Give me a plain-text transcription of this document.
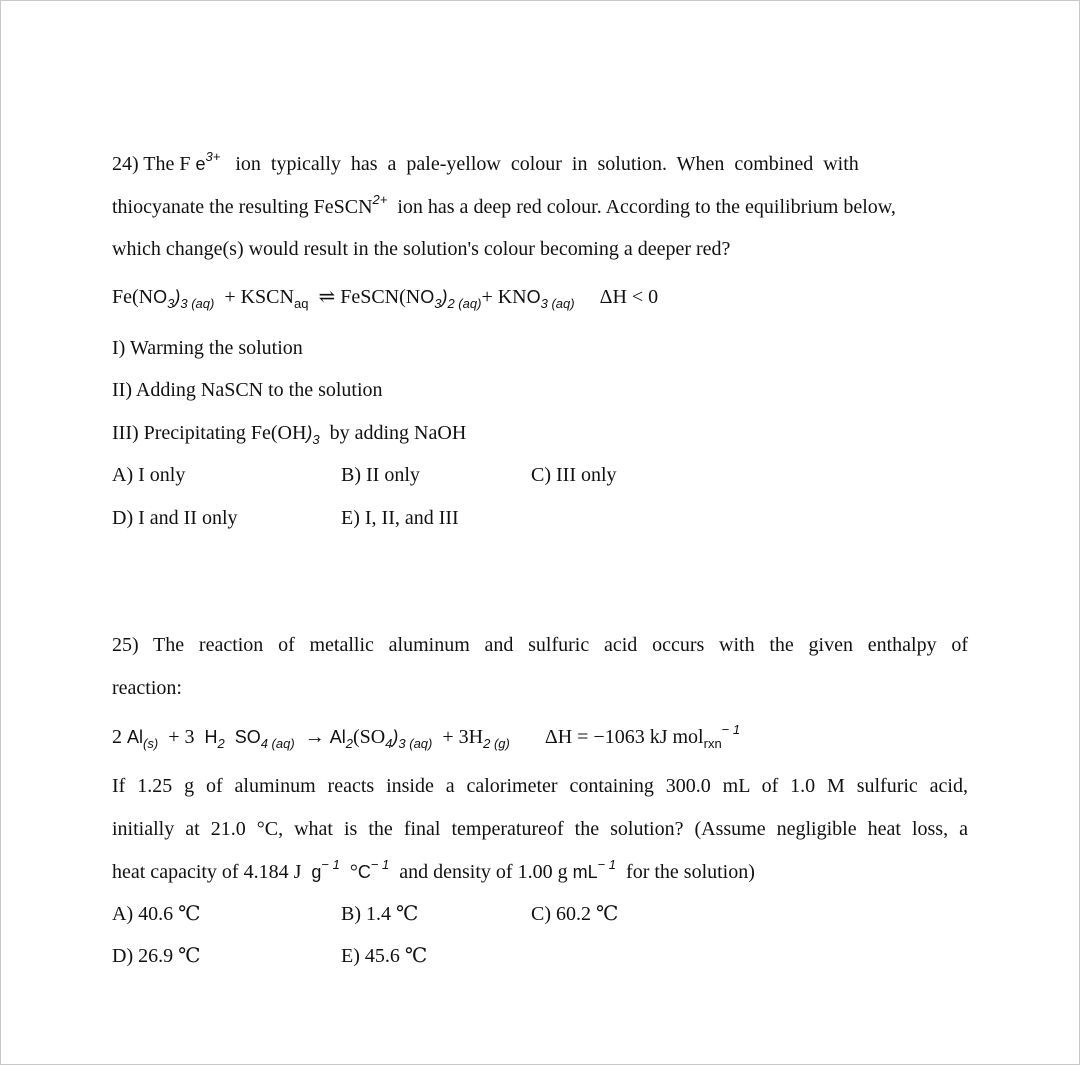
24) The F $e^{3+}$   ion  typically  has  a  pale-yellow  colour  in  solution.  When  combined  with
thiocyanate the resulting FeSCN$^{2+}$  ion has a deep red colour. According to the equilibrium below,
which change(s) would result in the solution's colour becoming a deeper red?
$Fe(NO_3)_{3 (aq)}$  + $KSCN_{aq}$  ⇌ $FeSCN(NO_3)_{2 (aq)}+ KNO_{3 (aq)}$     ΔH < 0
I) Warming the solution
II) Adding NaSCN to the solution
III) Precipitating $Fe(OH)_3$  by adding NaOH
A) I only	B) II only	C) III only
D) I and II only	E) I, II, and III
25) The reaction of metallic aluminum and sulfuric acid occurs with the given enthalpy of
reaction:
2 $Al_{(s)} + 3$  $H_2$  $SO_{4 (aq)} \to Al_2(SO_4)_{3 (aq)} + 3H_{2 (g)}$       ΔH = −1063 kJ mol$_{rxn}^{- 1}$
If 1.25 g of aluminum reacts inside a calorimeter containing 300.0 mL of 1.0 M sulfuric acid,
initially at 21.0 °C, what is the final temperatureof the solution? (Assume negligible heat loss, a
heat capacity of 4.184 J  $g^{- 1}$  $^\circ C^{- 1}$  and density of 1.00 g $mL^{- 1}$  for the solution)
A) 40.6 ℃	B) 1.4 ℃	C) 60.2 ℃
D) 26.9 ℃	E) 45.6 ℃
